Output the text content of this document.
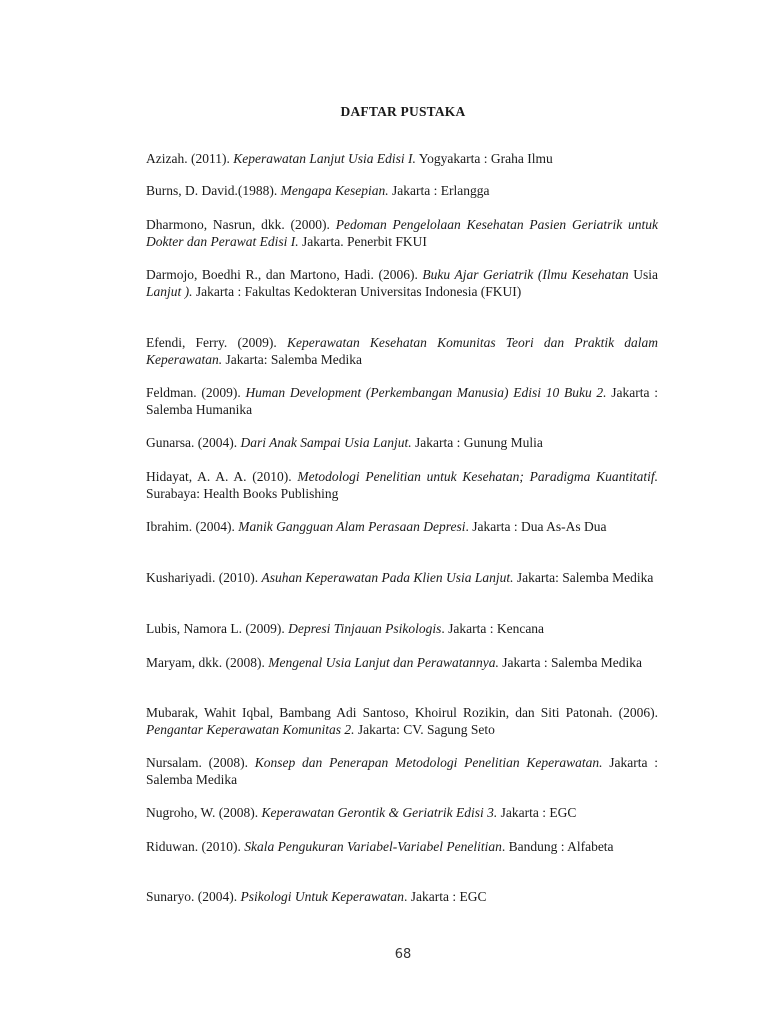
DAFTAR PUSTAKA
Azizah. (2011). Keperawatan Lanjut Usia Edisi I. Yogyakarta : Graha Ilmu
Burns, D. David.(1988). Mengapa Kesepian. Jakarta : Erlangga
Dharmono, Nasrun, dkk. (2000). Pedoman Pengelolaan Kesehatan Pasien Geriatrik untuk Dokter dan Perawat Edisi I. Jakarta. Penerbit FKUI
Darmojo, Boedhi R., dan Martono, Hadi. (2006). Buku Ajar Geriatrik (Ilmu Kesehatan Usia Lanjut ). Jakarta : Fakultas Kedokteran Universitas Indonesia (FKUI)
Efendi, Ferry. (2009). Keperawatan Kesehatan Komunitas Teori dan Praktik dalam Keperawatan. Jakarta: Salemba Medika
Feldman. (2009). Human Development (Perkembangan Manusia) Edisi 10 Buku 2. Jakarta : Salemba Humanika
Gunarsa. (2004). Dari Anak Sampai Usia Lanjut. Jakarta : Gunung Mulia
Hidayat, A. A. A. (2010). Metodologi Penelitian untuk Kesehatan; Paradigma Kuantitatif. Surabaya: Health Books Publishing
Ibrahim. (2004). Manik Gangguan Alam Perasaan Depresi. Jakarta : Dua As-As Dua
Kushariyadi. (2010). Asuhan Keperawatan Pada Klien Usia Lanjut. Jakarta: Salemba Medika
Lubis, Namora L. (2009). Depresi Tinjauan Psikologis. Jakarta : Kencana
Maryam, dkk. (2008). Mengenal Usia Lanjut dan Perawatannya. Jakarta : Salemba Medika
Mubarak, Wahit Iqbal, Bambang Adi Santoso, Khoirul Rozikin, dan Siti Patonah. (2006). Pengantar Keperawatan Komunitas 2. Jakarta: CV. Sagung Seto
Nursalam. (2008). Konsep dan Penerapan Metodologi Penelitian Keperawatan. Jakarta : Salemba Medika
Nugroho, W. (2008). Keperawatan Gerontik & Geriatrik Edisi 3. Jakarta : EGC
Riduwan. (2010). Skala Pengukuran Variabel-Variabel Penelitian. Bandung : Alfabeta
Sunaryo. (2004). Psikologi Untuk Keperawatan. Jakarta : EGC
68
